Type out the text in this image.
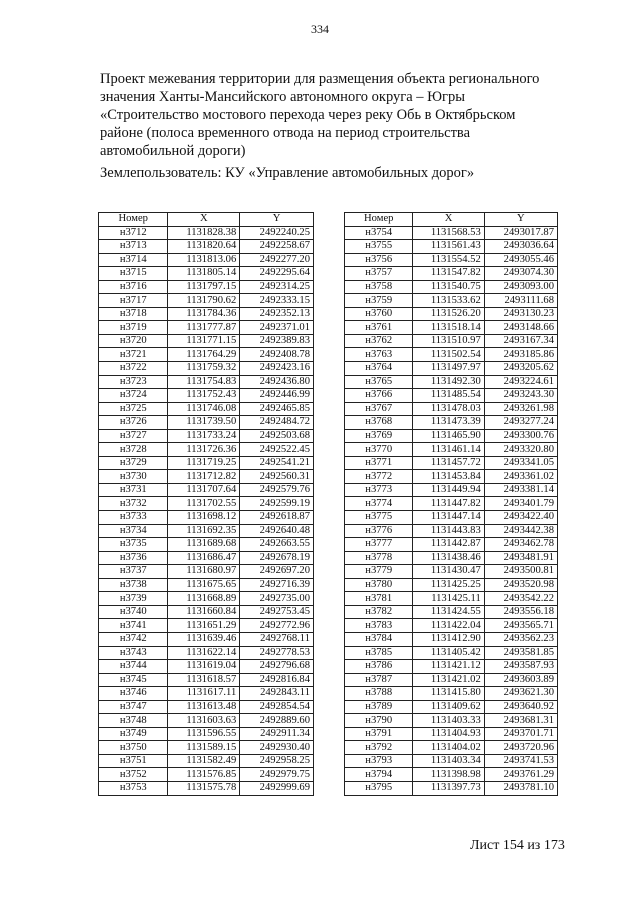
334
Проект межевания территории для размещения объекта регионального
значения Ханты-Мансийского автономного округа – Югры
«Строительство мостового перехода через реку Обь в Октябрьском
районе (полоса временного отвода на период строительства
автомобильной дороги)
Землепользователь: КУ «Управление автомобильных дорог»
Номер	X	Y
н3712	1131828.38	2492240.25
н3713	1131820.64	2492258.67
н3714	1131813.06	2492277.20
н3715	1131805.14	2492295.64
н3716	1131797.15	2492314.25
н3717	1131790.62	2492333.15
н3718	1131784.36	2492352.13
н3719	1131777.87	2492371.01
н3720	1131771.15	2492389.83
н3721	1131764.29	2492408.78
н3722	1131759.32	2492423.16
н3723	1131754.83	2492436.80
н3724	1131752.43	2492446.99
н3725	1131746.08	2492465.85
н3726	1131739.50	2492484.72
н3727	1131733.24	2492503.68
н3728	1131726.36	2492522.45
н3729	1131719.25	2492541.21
н3730	1131712.82	2492560.31
н3731	1131707.64	2492579.76
н3732	1131702.55	2492599.19
н3733	1131698.12	2492618.87
н3734	1131692.35	2492640.48
н3735	1131689.68	2492663.55
н3736	1131686.47	2492678.19
н3737	1131680.97	2492697.20
н3738	1131675.65	2492716.39
н3739	1131668.89	2492735.00
н3740	1131660.84	2492753.45
н3741	1131651.29	2492772.96
н3742	1131639.46	2492768.11
н3743	1131622.14	2492778.53
н3744	1131619.04	2492796.68
н3745	1131618.57	2492816.84
н3746	1131617.11	2492843.11
н3747	1131613.48	2492854.54
н3748	1131603.63	2492889.60
н3749	1131596.55	2492911.34
н3750	1131589.15	2492930.40
н3751	1131582.49	2492958.25
н3752	1131576.85	2492979.75
н3753	1131575.78	2492999.69
Номер	X	Y
н3754	1131568.53	2493017.87
н3755	1131561.43	2493036.64
н3756	1131554.52	2493055.46
н3757	1131547.82	2493074.30
н3758	1131540.75	2493093.00
н3759	1131533.62	2493111.68
н3760	1131526.20	2493130.23
н3761	1131518.14	2493148.66
н3762	1131510.97	2493167.34
н3763	1131502.54	2493185.86
н3764	1131497.97	2493205.62
н3765	1131492.30	2493224.61
н3766	1131485.54	2493243.30
н3767	1131478.03	2493261.98
н3768	1131473.39	2493277.24
н3769	1131465.90	2493300.76
н3770	1131461.14	2493320.80
н3771	1131457.72	2493341.05
н3772	1131453.84	2493361.02
н3773	1131449.94	2493381.14
н3774	1131447.82	2493401.79
н3775	1131447.14	2493422.40
н3776	1131443.83	2493442.38
н3777	1131442.87	2493462.78
н3778	1131438.46	2493481.91
н3779	1131430.47	2493500.81
н3780	1131425.25	2493520.98
н3781	1131425.11	2493542.22
н3782	1131424.55	2493556.18
н3783	1131422.04	2493565.71
н3784	1131412.90	2493562.23
н3785	1131405.42	2493581.85
н3786	1131421.12	2493587.93
н3787	1131421.02	2493603.89
н3788	1131415.80	2493621.30
н3789	1131409.62	2493640.92
н3790	1131403.33	2493681.31
н3791	1131404.93	2493701.71
н3792	1131404.02	2493720.96
н3793	1131403.34	2493741.53
н3794	1131398.98	2493761.29
н3795	1131397.73	2493781.10
Лист 154 из 173
